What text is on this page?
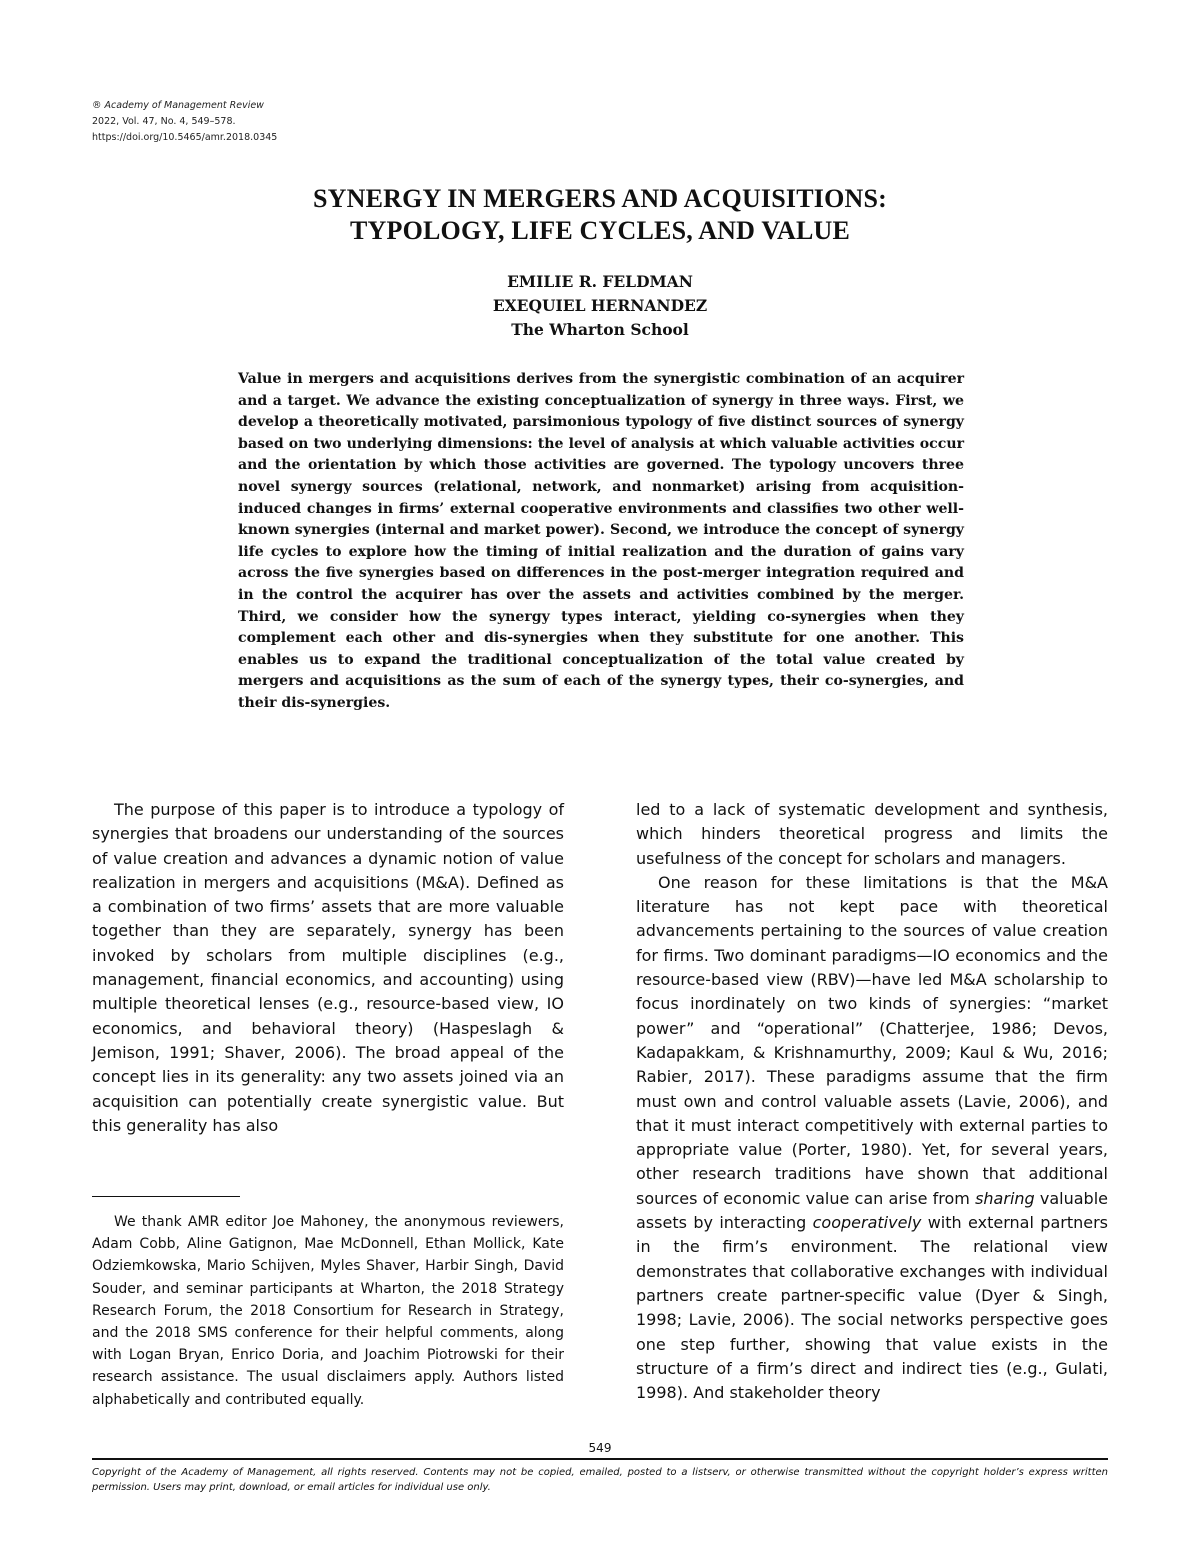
® Academy of Management Review
2022, Vol. 47, No. 4, 549–578.
https://doi.org/10.5465/amr.2018.0345
SYNERGY IN MERGERS AND ACQUISITIONS:
TYPOLOGY, LIFE CYCLES, AND VALUE
EMILIE R. FELDMAN
EXEQUIEL HERNANDEZ
The Wharton School
Value in mergers and acquisitions derives from the synergistic combination of an acquirer and a target. We advance the existing conceptualization of synergy in three ways. First, we develop a theoretically motivated, parsimonious typology of five distinct sources of synergy based on two underlying dimensions: the level of analysis at which valuable activities occur and the orientation by which those activities are governed. The typology uncovers three novel synergy sources (relational, network, and nonmarket) arising from acquisition-induced changes in firms’ external cooperative environments and classifies two other well-known synergies (internal and market power). Second, we introduce the concept of synergy life cycles to explore how the timing of initial realization and the duration of gains vary across the five synergies based on differences in the post-merger integration required and in the control the acquirer has over the assets and activities combined by the merger. Third, we consider how the synergy types interact, yielding co-synergies when they complement each other and dis-synergies when they substitute for one another. This enables us to expand the traditional conceptualization of the total value created by mergers and acquisitions as the sum of each of the synergy types, their co-synergies, and their dis-synergies.

The purpose of this paper is to introduce a typology of synergies that broadens our understanding of the sources of value creation and advances a dynamic notion of value realization in mergers and acquisitions (M&A). Defined as a combination of two firms’ assets that are more valuable together than they are separately, synergy has been invoked by scholars from multiple disciplines (e.g., management, financial economics, and accounting) using multiple theoretical lenses (e.g., resource-based view, IO economics, and behavioral theory) (Haspeslagh & Jemison, 1991; Shaver, 2006). The broad appeal of the concept lies in its generality: any two assets joined via an acquisition can potentially create synergistic value. But this generality has also

led to a lack of systematic development and synthesis, which hinders theoretical progress and limits the usefulness of the concept for scholars and managers.

One reason for these limitations is that the M&A literature has not kept pace with theoretical advancements pertaining to the sources of value creation for firms. Two dominant paradigms—IO economics and the resource-based view (RBV)—have led M&A scholarship to focus inordinately on two kinds of synergies: “market power” and “operational” (Chatterjee, 1986; Devos, Kadapakkam, & Krishnamurthy, 2009; Kaul & Wu, 2016; Rabier, 2017). These paradigms assume that the firm must own and control valuable assets (Lavie, 2006), and that it must interact competitively with external parties to appropriate value (Porter, 1980). Yet, for several years, other research traditions have shown that additional sources of economic value can arise from sharing valuable assets by interacting cooperatively with external partners in the firm’s environment. The relational view demonstrates that collaborative exchanges with individual partners create partner-specific value (Dyer & Singh, 1998; Lavie, 2006). The social networks perspective goes one step further, showing that value exists in the structure of a firm’s direct and indirect ties (e.g., Gulati, 1998). And stakeholder theory

We thank AMR editor Joe Mahoney, the anonymous reviewers, Adam Cobb, Aline Gatignon, Mae McDonnell, Ethan Mollick, Kate Odziemkowska, Mario Schijven, Myles Shaver, Harbir Singh, David Souder, and seminar participants at Wharton, the 2018 Strategy Research Forum, the 2018 Consortium for Research in Strategy, and the 2018 SMS conference for their helpful comments, along with Logan Bryan, Enrico Doria, and Joachim Piotrowski for their research assistance. The usual disclaimers apply. Authors listed alphabetically and contributed equally.
549
Copyright of the Academy of Management, all rights reserved. Contents may not be copied, emailed, posted to a listserv, or otherwise transmitted without the copyright holder’s express written permission. Users may print, download, or email articles for individual use only.
